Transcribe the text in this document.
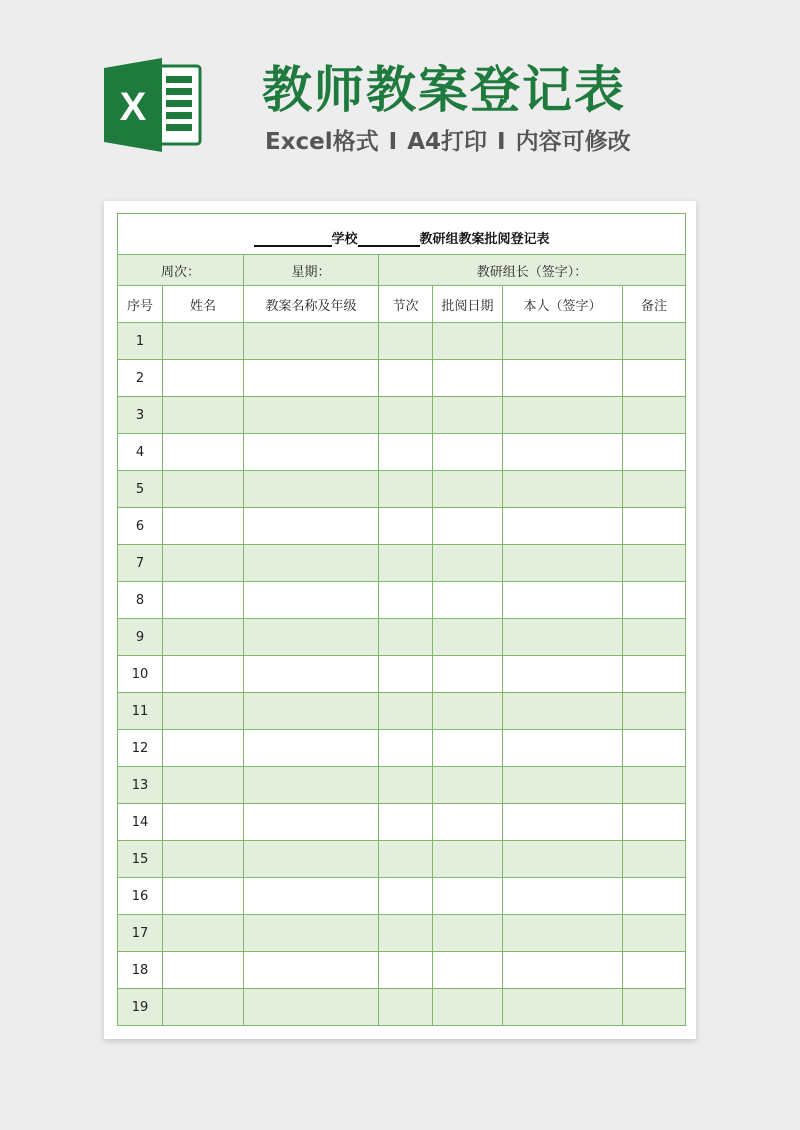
X 教师教案登记表
Excel格式 I A4打印 I 内容可修改
学校 教研组教案批阅登记表						
周次：		星期：	教研组长（签字）：			
序号	姓名	教案名称及年级	节次	批阅日期	本人（签字）	备注
1						
2						
3						
4						
5						
6						
7						
8						
9						
10						
11						
12						
13						
14						
15						
16						
17						
18						
19						
